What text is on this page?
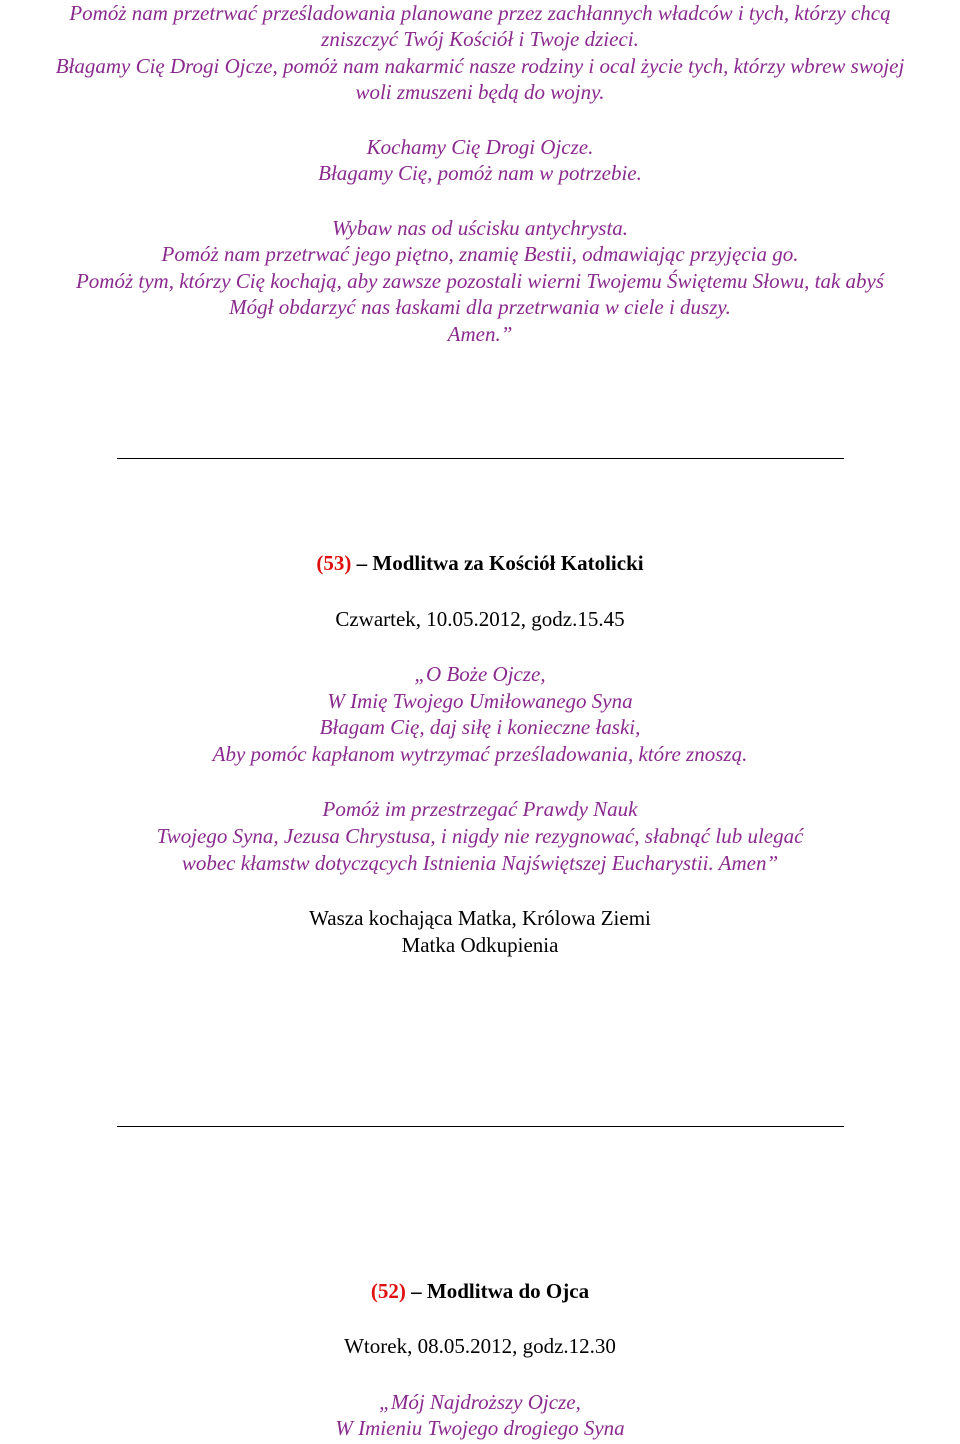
Pomóż nam przetrwać prześladowania planowane przez zachłannych władców i tych, którzy chcą
zniszczyć Twój Kościół i Twoje dzieci.
Błagamy Cię Drogi Ojcze, pomóż nam nakarmić nasze rodziny i ocal życie tych, którzy wbrew swojej
woli zmuszeni będą do wojny.
Kochamy Cię Drogi Ojcze.
Błagamy Cię, pomóż nam w potrzebie.
Wybaw nas od uścisku antychrysta.
Pomóż nam przetrwać jego piętno, znamię Bestii, odmawiając przyjęcia go.
Pomóż tym, którzy Cię kochają, aby zawsze pozostali wierni Twojemu Świętemu Słowu, tak abyś
Mógł obdarzyć nas łaskami dla przetrwania w ciele i duszy.
Amen.”
(53) – Modlitwa za Kościół Katolicki
Czwartek, 10.05.2012, godz.15.45
„O Boże Ojcze,
W Imię Twojego Umiłowanego Syna
Błagam Cię, daj siłę i konieczne łaski,
Aby pomóc kapłanom wytrzymać prześladowania, które znoszą.
Pomóż im przestrzegać Prawdy Nauk
Twojego Syna, Jezusa Chrystusa, i nigdy nie rezygnować, słabnąć lub ulegać
wobec kłamstw dotyczących Istnienia Najświętszej Eucharystii. Amen”
Wasza kochająca Matka, Królowa Ziemi
Matka Odkupienia
(52) – Modlitwa do Ojca
Wtorek, 08.05.2012, godz.12.30
„Mój Najdroższy Ojcze,
W Imieniu Twojego drogiego Syna
